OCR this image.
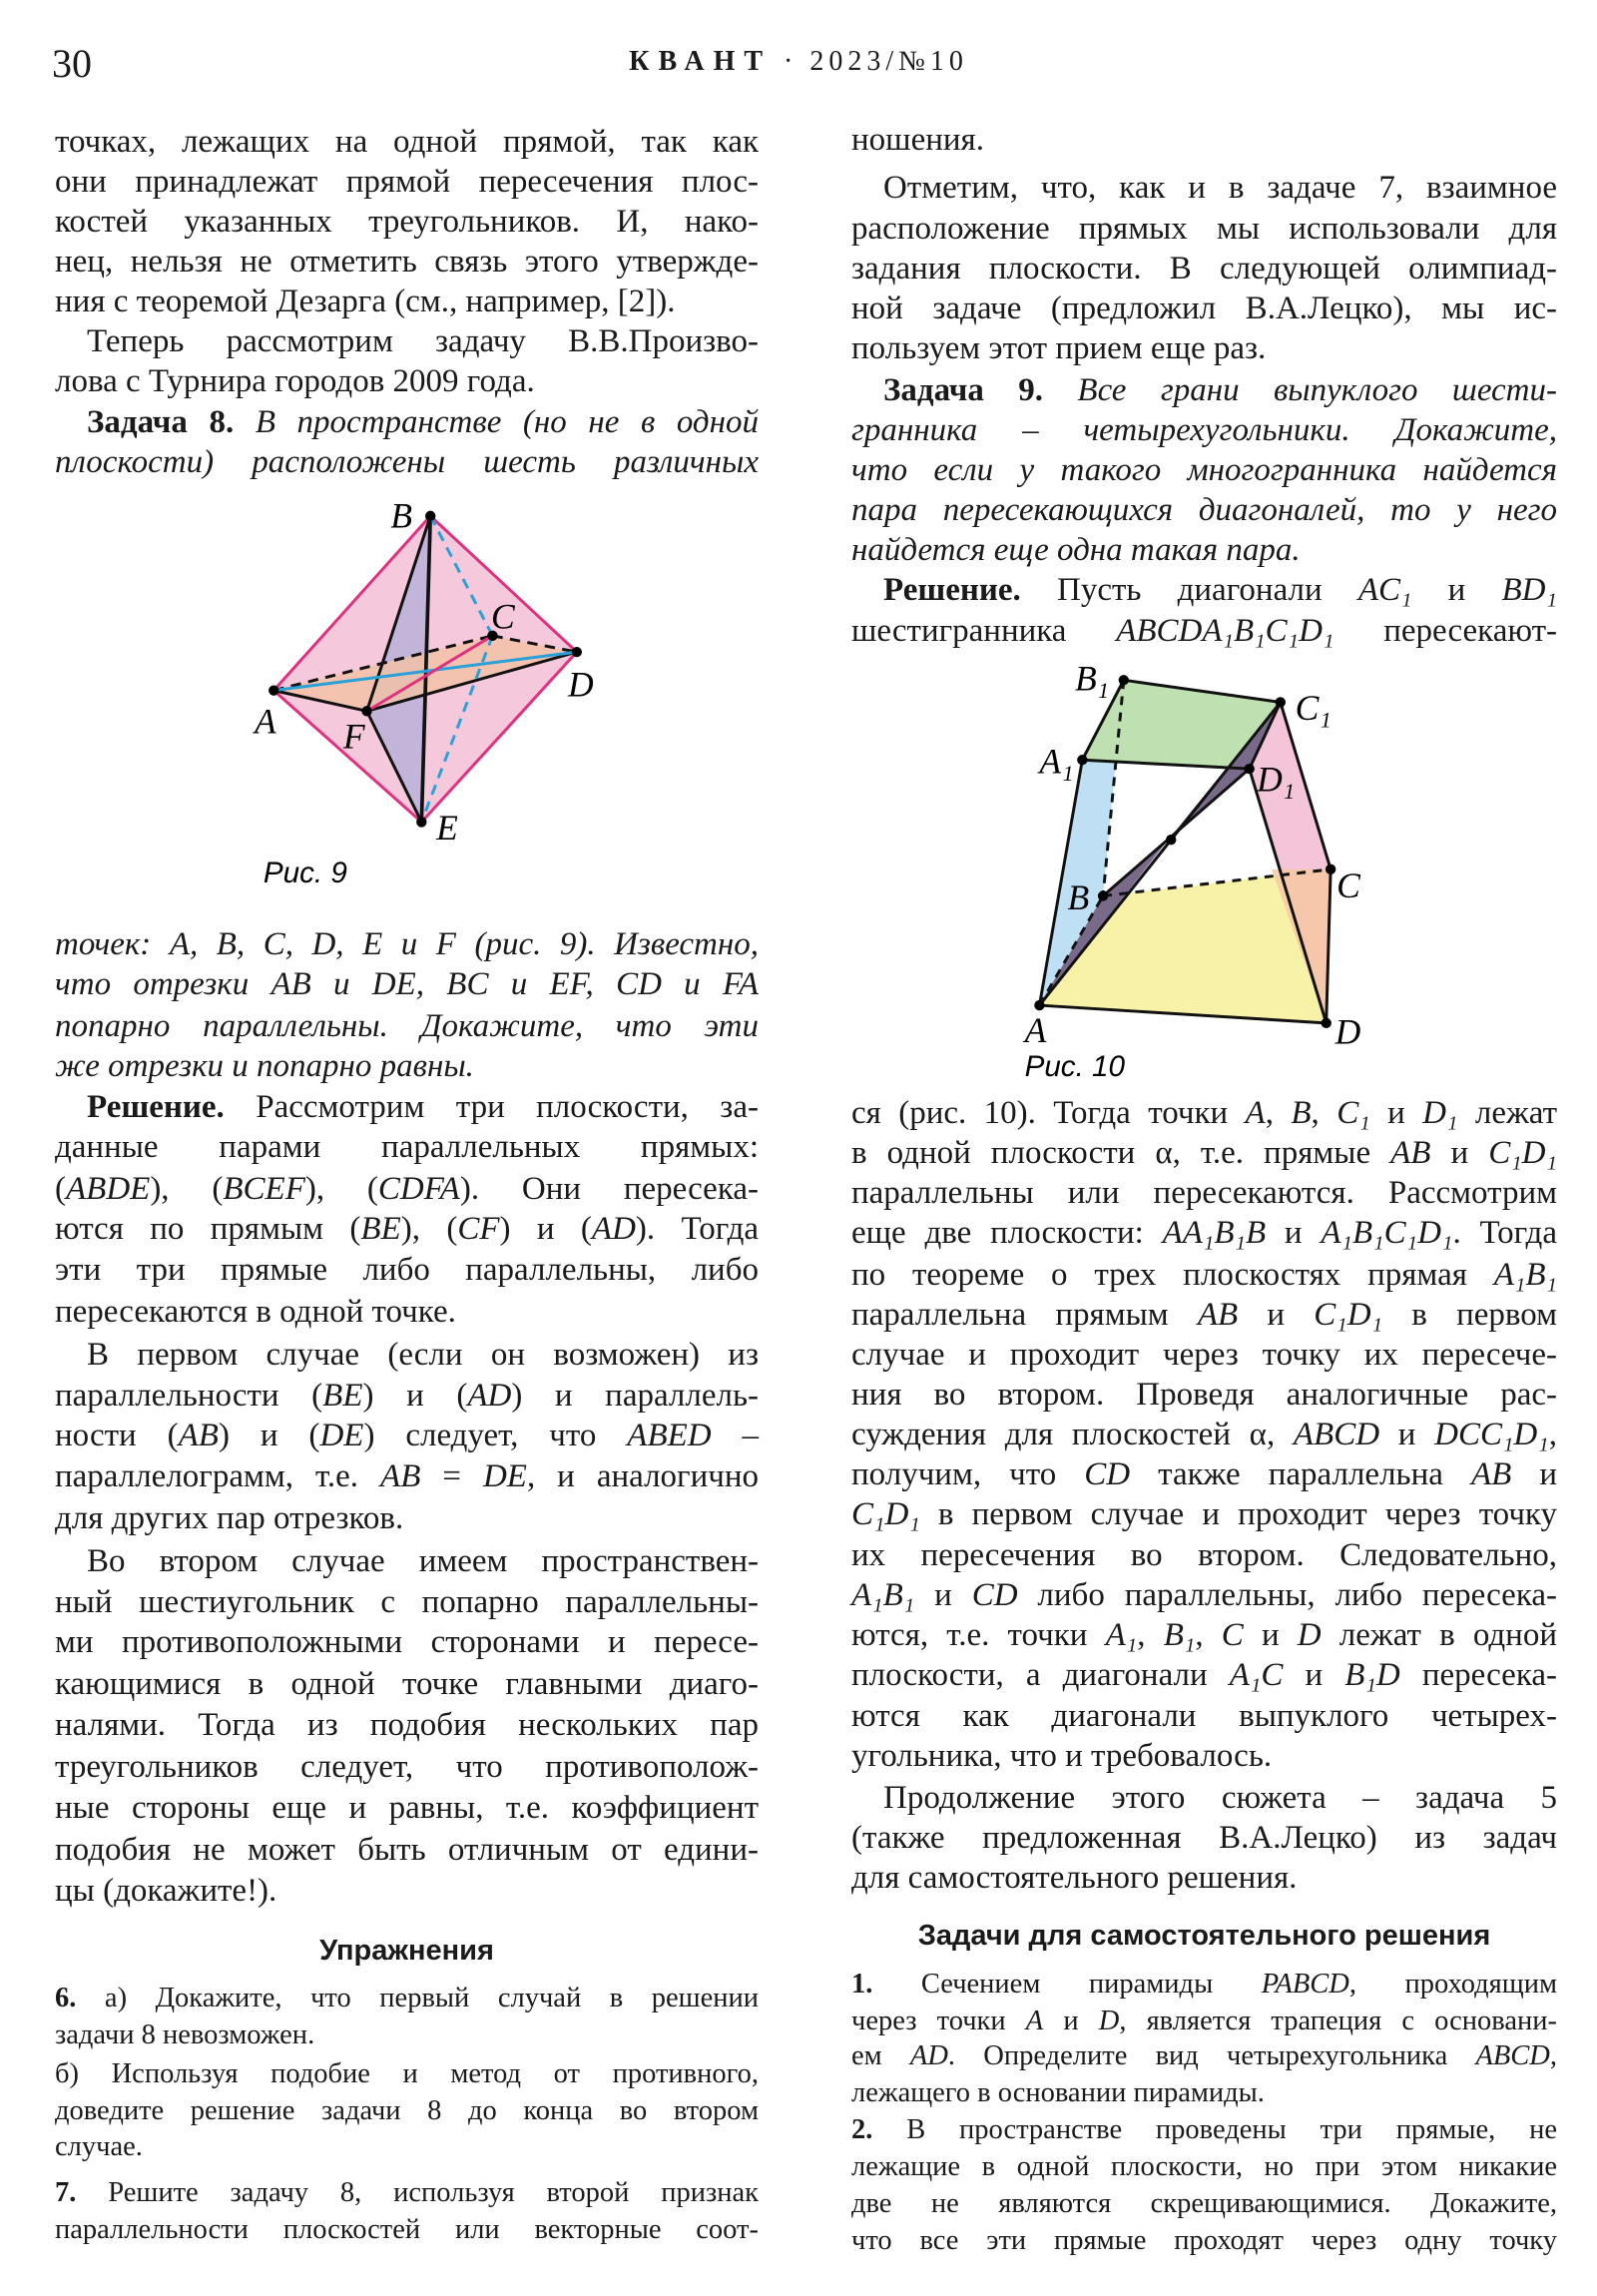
30	КВАНТ · 2023/№10
точках, лежащих на одной прямой, так как
они принадлежат прямой пересечения плос-
костей указанных треугольников. И, нако-
нец, нельзя не отметить связь этого утвержде-
ния с теоремой Дезарга (см., например, [2]).
Теперь рассмотрим задачу В.В.Произво-
лова с Турнира городов 2009 года.
Задача 8. В пространстве (но не в одной
плоскости) расположены шесть различных
точек: A, B, C, D, E и F (рис. 9). Известно,
что отрезки AB и DE, BC и EF, CD и FA
попарно параллельны. Докажите, что эти
же отрезки и попарно равны.
Решение. Рассмотрим три плоскости, за-
данные парами параллельных прямых:
(ABDE), (BCEF), (CDFA). Они пересека-
ются по прямым (BE), (CF) и (AD). Тогда
эти три прямые либо параллельны, либо
пересекаются в одной точке.
В первом случае (если он возможен) из
параллельности (BE) и (AD) и параллель-
ности (AB) и (DE) следует, что ABED –
параллелограмм, т.е. AB = DE, и аналогично
для других пар отрезков.
Во втором случае имеем пространствен-
ный шестиугольник с попарно параллельны-
ми противоположными сторонами и пересе-
кающимися в одной точке главными диаго-
налями. Тогда из подобия нескольких пар
треугольников следует, что противополож-
ные стороны еще и равны, т.е. коэффициент
подобия не может быть отличным от едини-
цы (докажите!).
Упражнения
6. а) Докажите, что первый случай в решении
задачи 8 невозможен.
б) Используя подобие и метод от противного,
доведите решение задачи 8 до конца во втором
случае.
7. Решите задачу 8, используя второй признак
параллельности плоскостей или векторные соот-
ношения.
Отметим, что, как и в задаче 7, взаимное
расположение прямых мы использовали для
задания плоскости. В следующей олимпиад-
ной задаче (предложил В.А.Лецко), мы ис-
пользуем этот прием еще раз.
Задача 9. Все грани выпуклого шести-
гранника – четырехугольники. Докажите,
что если у такого многогранника найдется
пара пересекающихся диагоналей, то у него
найдется еще одна такая пара.
Решение. Пусть диагонали AC₁ и BD₁
шестигранника ABCDA₁B₁C₁D₁ пересекают-
ся (рис. 10). Тогда точки A, B, C₁ и D₁ лежат
в одной плоскости α, т.е. прямые AB и C₁D₁
параллельны или пересекаются. Рассмотрим
еще две плоскости: AA₁B₁B и A₁B₁C₁D₁. Тогда
по теореме о трех плоскостях прямая A₁B₁
параллельна прямым AB и C₁D₁ в первом
случае и проходит через точку их пересече-
ния во втором. Проведя аналогичные рас-
суждения для плоскостей α, ABCD и DCC₁D₁,
получим, что CD также параллельна AB и
C₁D₁ в первом случае и проходит через точку
их пересечения во втором. Следовательно,
A₁B₁ и CD либо параллельны, либо пересека-
ются, т.е. точки A₁, B₁, C и D лежат в одной
плоскости, а диагонали A₁C и B₁D пересека-
ются как диагонали выпуклого четырех-
угольника, что и требовалось.
Продолжение этого сюжета – задача 5
(также предложенная В.А.Лецко) из задач
для самостоятельного решения.
Задачи для самостоятельного решения
1. Сечением пирамиды PABCD, проходящим
через точки A и D, является трапеция с основани-
ем AD. Определите вид четырехугольника ABCD,
лежащего в основании пирамиды.
2. В пространстве проведены три прямые, не
лежащие в одной плоскости, но при этом никакие
две не являются скрещивающимися. Докажите,
что все эти прямые проходят через одну точку
B
C
D
A	F
E
Рис. 9
B₁
C₁
A₁	D₁
C
B
A	D
Рис. 10
